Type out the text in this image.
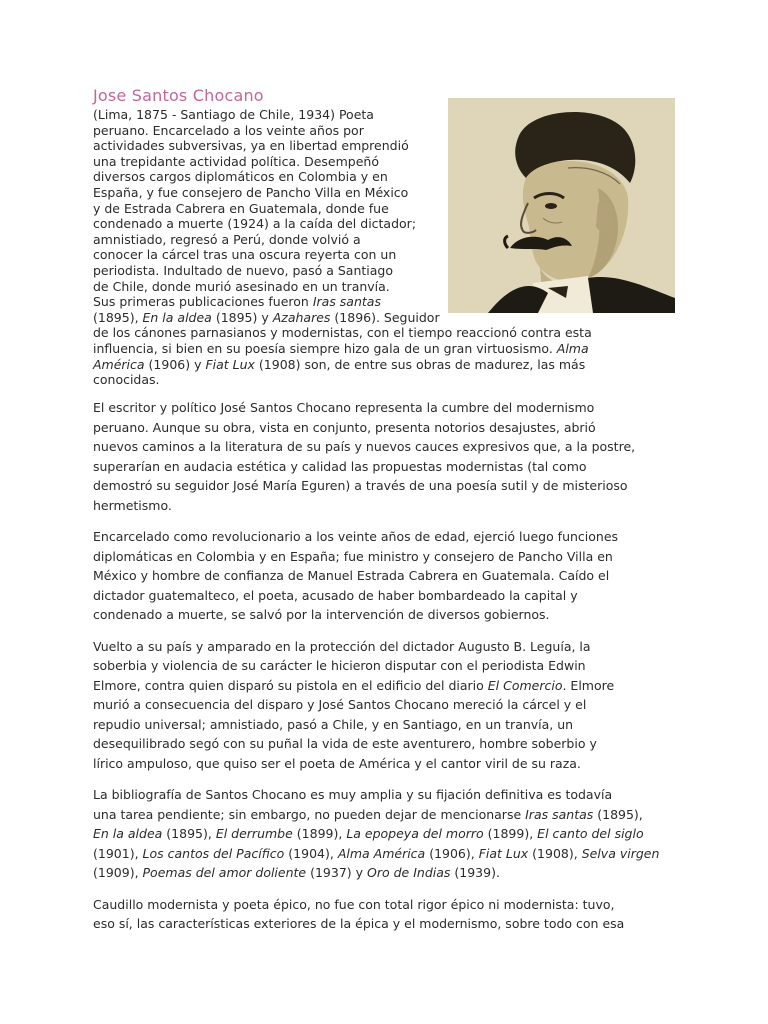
Jose Santos Chocano
(Lima, 1875 - Santiago de Chile, 1934) Poeta
peruano. Encarcelado a los veinte años por
actividades subversivas, ya en libertad emprendió
una trepidante actividad política. Desempeñó
diversos cargos diplomáticos en Colombia y en
España, y fue consejero de Pancho Villa en México
y de Estrada Cabrera en Guatemala, donde fue
condenado a muerte (1924) a la caída del dictador;
amnistiado, regresó a Perú, donde volvió a
conocer la cárcel tras una oscura reyerta con un
periodista. Indultado de nuevo, pasó a Santiago
de Chile, donde murió asesinado en un tranvía.
Sus primeras publicaciones fueron Iras santas
(1895), En la aldea (1895) y Azahares (1896). Seguidor
de los cánones parnasianos y modernistas, con el tiempo reaccionó contra esta
influencia, si bien en su poesía siempre hizo gala de un gran virtuosismo. Alma
América (1906) y Fiat Lux (1908) son, de entre sus obras de madurez, las más
conocidas.

El escritor y político José Santos Chocano representa la cumbre del modernismo
peruano. Aunque su obra, vista en conjunto, presenta notorios desajustes, abrió
nuevos caminos a la literatura de su país y nuevos cauces expresivos que, a la postre,
superarían en audacia estética y calidad las propuestas modernistas (tal como
demostró su seguidor José María Eguren) a través de una poesía sutil y de misterioso
hermetismo.

Encarcelado como revolucionario a los veinte años de edad, ejerció luego funciones
diplomáticas en Colombia y en España; fue ministro y consejero de Pancho Villa en
México y hombre de confianza de Manuel Estrada Cabrera en Guatemala. Caído el
dictador guatemalteco, el poeta, acusado de haber bombardeado la capital y
condenado a muerte, se salvó por la intervención de diversos gobiernos.

Vuelto a su país y amparado en la protección del dictador Augusto B. Leguía, la
soberbia y violencia de su carácter le hicieron disputar con el periodista Edwin
Elmore, contra quien disparó su pistola en el edificio del diario El Comercio. Elmore
murió a consecuencia del disparo y José Santos Chocano mereció la cárcel y el
repudio universal; amnistiado, pasó a Chile, y en Santiago, en un tranvía, un
desequilibrado segó con su puñal la vida de este aventurero, hombre soberbio y
lírico ampuloso, que quiso ser el poeta de América y el cantor viril de su raza.

La bibliografía de Santos Chocano es muy amplia y su fijación definitiva es todavía
una tarea pendiente; sin embargo, no pueden dejar de mencionarse Iras santas (1895),
En la aldea (1895), El derrumbe (1899), La epopeya del morro (1899), El canto del siglo
(1901), Los cantos del Pacífico (1904), Alma América (1906), Fiat Lux (1908), Selva virgen
(1909), Poemas del amor doliente (1937) y Oro de Indias (1939).

Caudillo modernista y poeta épico, no fue con total rigor épico ni modernista: tuvo,
eso sí, las características exteriores de la épica y el modernismo, sobre todo con esa
